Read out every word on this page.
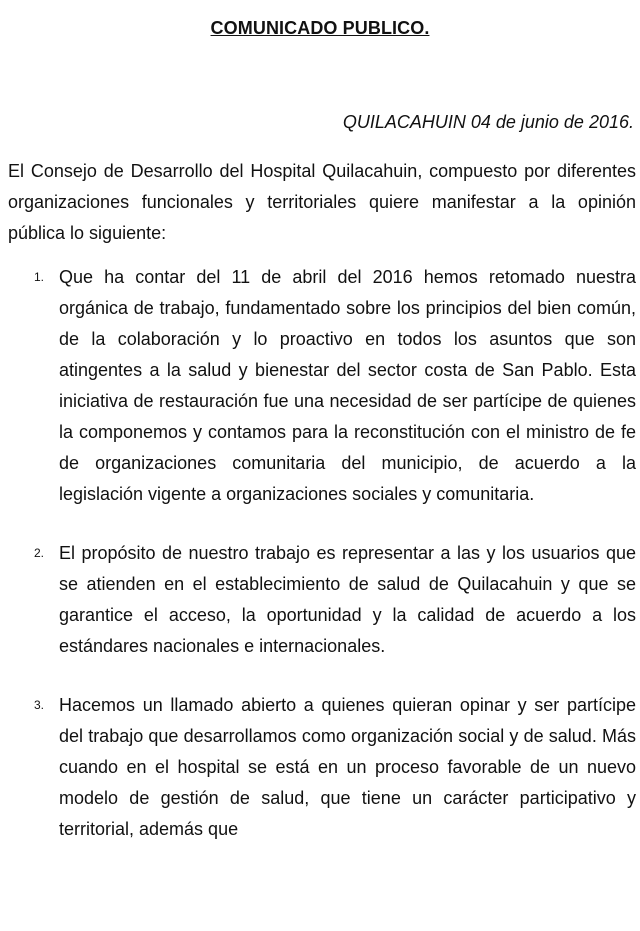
COMUNICADO PUBLICO.
QUILACAHUIN 04 de junio de 2016.
El Consejo de Desarrollo del Hospital Quilacahuin, compuesto por diferentes organizaciones funcionales y territoriales quiere manifestar a la opinión pública lo siguiente:
1. Que ha contar del 11 de abril del 2016 hemos retomado nuestra orgánica de trabajo, fundamentado sobre los principios del bien común, de la colaboración y lo proactivo en todos los asuntos que son atingentes a la salud y bienestar del sector costa de San Pablo. Esta iniciativa de restauración fue una necesidad de ser partícipe de quienes la componemos y contamos para la reconstitución con el ministro de fe de organizaciones comunitaria del municipio, de acuerdo a la legislación vigente a organizaciones sociales y comunitaria.
2. El propósito de nuestro trabajo es representar a las y los usuarios que se atienden en el establecimiento de salud de Quilacahuin y que se garantice el acceso, la oportunidad y la calidad de acuerdo a los estándares nacionales e internacionales.
3. Hacemos un llamado abierto a quienes quieran opinar y ser partícipe del trabajo que desarrollamos como organización social y de salud. Más cuando en el hospital se está en un proceso favorable de un nuevo modelo de gestión de salud, que tiene un carácter participativo y territorial, además que
